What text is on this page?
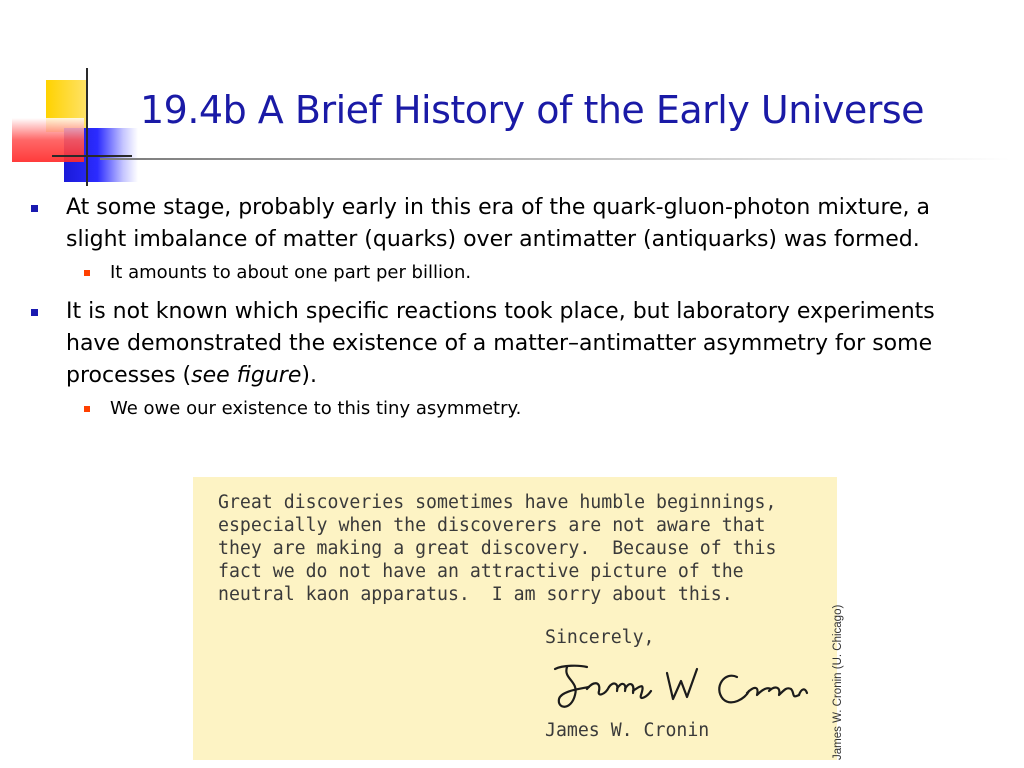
19.4b A Brief History of the Early Universe
At some stage, probably early in this era of the quark-gluon-photon mixture, a slight imbalance of matter (quarks) over antimatter (antiquarks) was formed.
It amounts to about one part per billion.
It is not known which specific reactions took place, but laboratory experiments have demonstrated the existence of a matter–antimatter asymmetry for some processes (see figure).
We owe our existence to this tiny asymmetry.
Great discoveries sometimes have humble beginnings,
especially when the discoverers are not aware that
they are making a great discovery.  Because of this
fact we do not have an attractive picture of the
neutral kaon apparatus.  I am sorry about this.
Sincerely,
James W. Cronin	James W. Cronin (U. Chicago)
